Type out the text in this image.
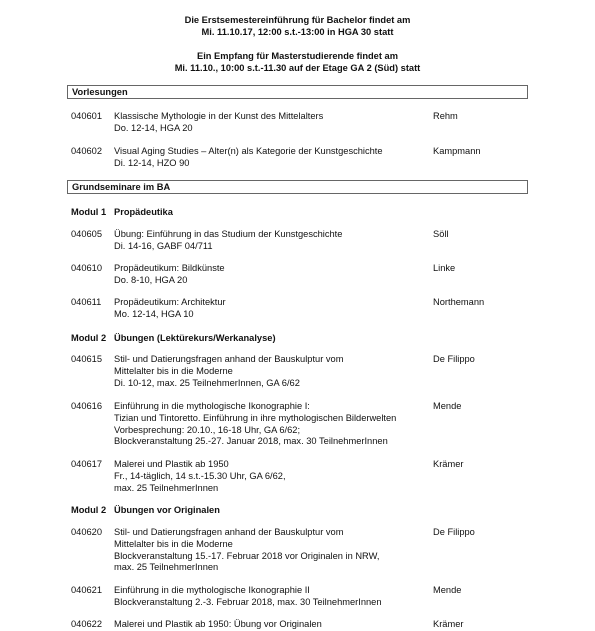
Die Erstsemestereinführung für Bachelor findet am
Mi. 11.10.17, 12:00 s.t.-13:00 in HGA 30 statt
Ein Empfang für Masterstudierende findet am
Mi. 11.10., 10:00 s.t.-11.30 auf der Etage GA 2 (Süd) statt
Vorlesungen
040601 Klassische Mythologie in der Kunst des Mittelalters
Do. 12-14, HGA 20
Rehm
040602 Visual Aging Studies – Alter(n) als Kategorie der Kunstgeschichte
Di. 12-14, HZO 90
Kampmann
Grundseminare im BA
Modul 1 Propädeutika
040605 Übung: Einführung in das Studium der Kunstgeschichte
Di. 14-16, GABF 04/711
Söll
040610 Propädeutikum: Bildkünste
Do. 8-10, HGA 20
Linke
040611 Propädeutikum: Architektur
Mo. 12-14, HGA 10
Northemann
Modul 2 Übungen (Lektürekurs/Werkanalyse)
040615 Stil- und Datierungsfragen anhand der Bauskulptur vom
Mittelalter bis in die Moderne
Di. 10-12, max. 25 TeilnehmerInnen, GA 6/62
De Filippo
040616 Einführung in die mythologische Ikonographie I:
Tizian und Tintoretto. Einführung in ihre mythologischen Bilderwelten
Vorbesprechung: 20.10., 16-18 Uhr, GA 6/62;
Blockveranstaltung 25.-27. Januar 2018, max. 30 TeilnehmerInnen
Mende
040617 Malerei und Plastik ab 1950
Fr., 14-täglich, 14 s.t.-15.30 Uhr, GA 6/62,
max. 25 TeilnehmerInnen
Krämer
Modul 2 Übungen vor Originalen
040620 Stil- und Datierungsfragen anhand der Bauskulptur vom
Mittelalter bis in die Moderne
Blockveranstaltung 15.-17. Februar 2018 vor Originalen in NRW,
max. 25 TeilnehmerInnen
De Filippo
040621 Einführung in die mythologische Ikonographie II
Blockveranstaltung 2.-3. Februar 2018, max. 30 TeilnehmerInnen
Mende
040622 Malerei und Plastik ab 1950: Übung vor Originalen	Krämer
